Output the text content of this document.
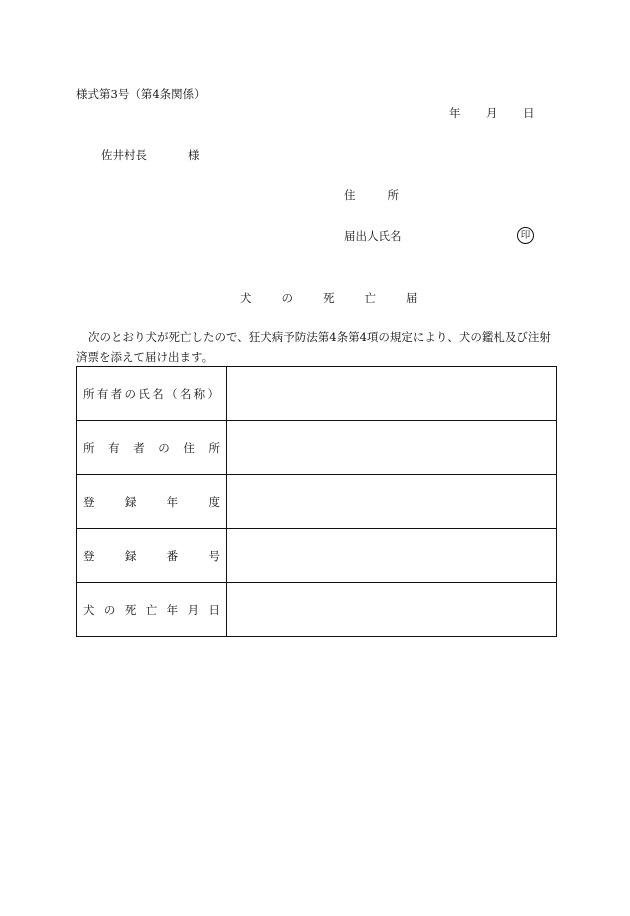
様式第3号（第4条関係）
年 月 日
佐井村長	様
住所
届出人氏名	印
犬の死亡届
次のとおり犬が死亡したので、狂犬病予防法第4条第4項の規定により、犬の鑑札及び注射済票を添えて届け出ます。
所有者の氏名（名称）	

所有者の住所	

登録年度	

登録番号	

犬の死亡年月日	
